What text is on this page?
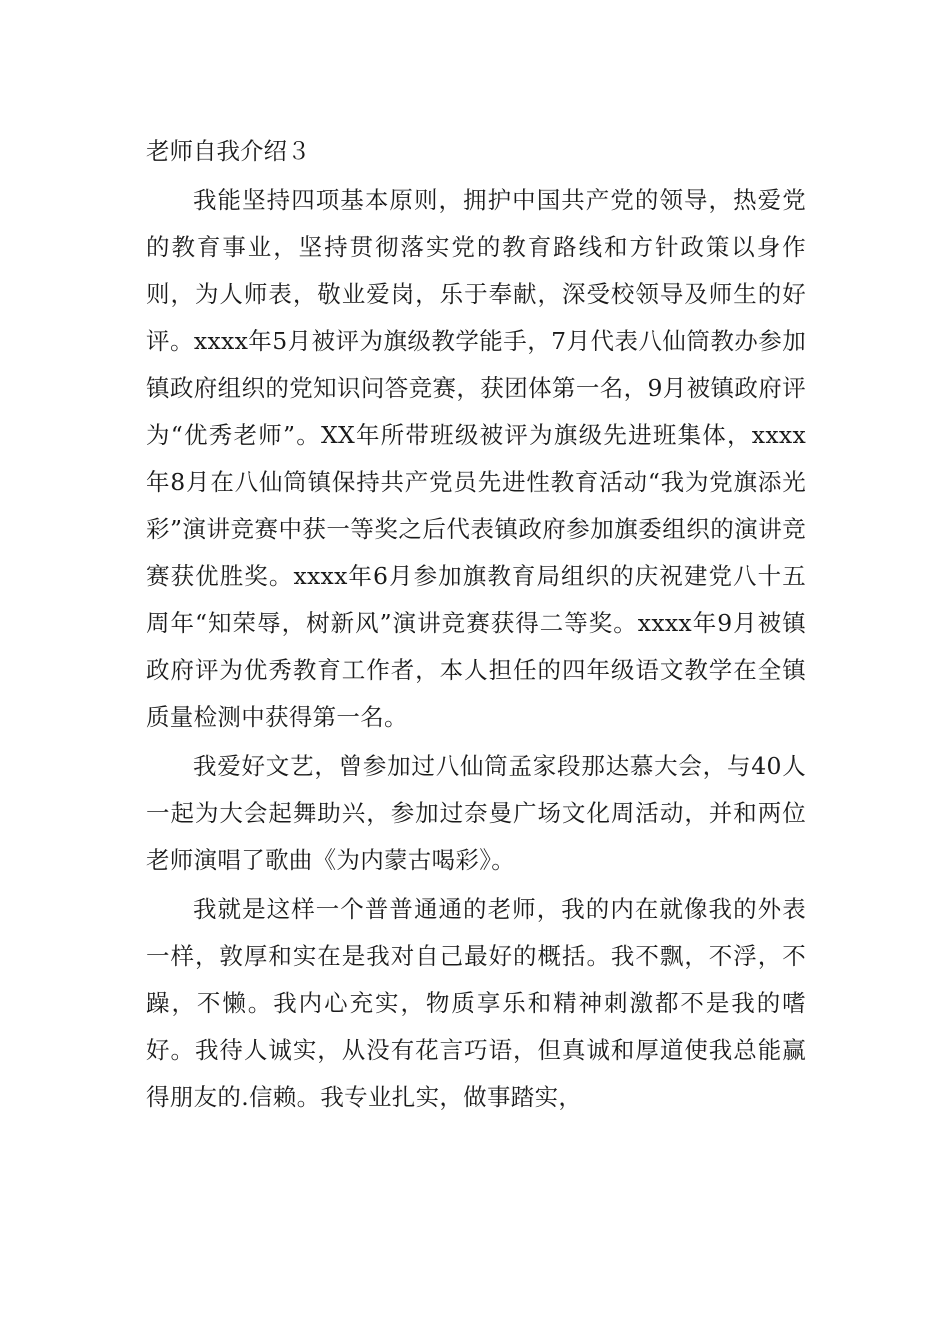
老师自我介绍３

我能坚持四项基本原则，拥护中国共产党的领导，热爱党的教育事业，坚持贯彻落实党的教育路线和方针政策以身作则，为人师表，敬业爱岗，乐于奉献，深受校领导及师生的好评。xxxx年5月被评为旗级教学能手，7月代表八仙筒教办参加镇政府组织的党知识问答竞赛，获团体第一名，9月被镇政府评为“优秀老师”。XX年所带班级被评为旗级先进班集体，xxxx年8月在八仙筒镇保持共产党员先进性教育活动“我为党旗添光彩”演讲竞赛中获一等奖之后代表镇政府参加旗委组织的演讲竞赛获优胜奖。xxxx年6月参加旗教育局组织的庆祝建党八十五周年“知荣辱，树新风”演讲竞赛获得二等奖。xxxx年9月被镇政府评为优秀教育工作者，本人担任的四年级语文教学在全镇质量检测中获得第一名。

我爱好文艺，曾参加过八仙筒孟家段那达慕大会，与40人一起为大会起舞助兴，参加过奈曼广场文化周活动，并和两位老师演唱了歌曲《为内蒙古喝彩》。

我就是这样一个普普通通的老师，我的内在就像我的外表一样，敦厚和实在是我对自己最好的概括。我不飘，不浮，不躁，不懒。我内心充实，物质享乐和精神刺激都不是我的嗜好。我待人诚实，从没有花言巧语，但真诚和厚道使我总能赢得朋友的.信赖。我专业扎实，做事踏实，
